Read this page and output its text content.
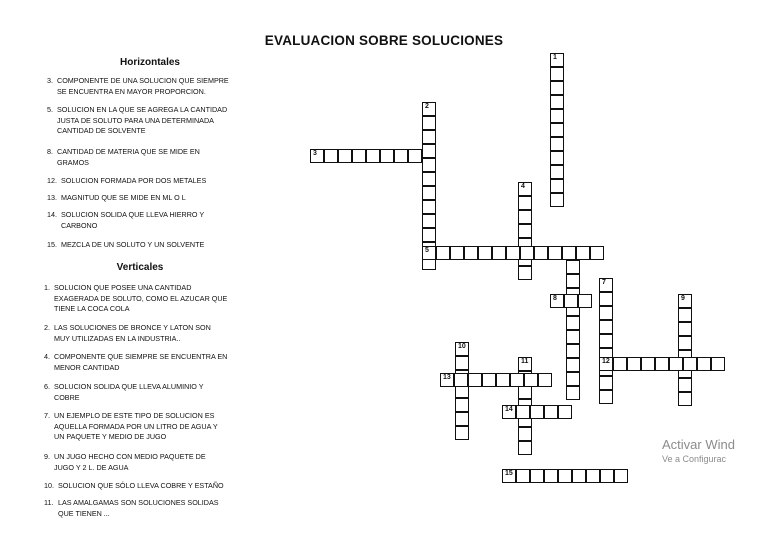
EVALUACION SOBRE SOLUCIONES
Horizontales
3. COMPONENTE DE UNA SOLUCION QUE SIEMPRE SE ENCUENTRA EN MAYOR PROPORCION.
5. SOLUCION EN LA QUE SE AGREGA LA CANTIDAD JUSTA DE SOLUTO PARA UNA DETERMINADA CANTIDAD DE SOLVENTE
8. CANTIDAD DE MATERIA QUE SE MIDE EN GRAMOS
12. SOLUCION FORMADA POR DOS METALES
13. MAGNITUD QUE SE MIDE EN ML O L
14. SOLUCION SOLIDA QUE LLEVA HIERRO Y CARBONO
15. MEZCLA DE UN SOLUTO Y UN SOLVENTE
Verticales
1. SOLUCION QUE POSEE UNA CANTIDAD EXAGERADA DE SOLUTO, COMO EL AZUCAR QUE TIENE LA COCA COLA
2. LAS SOLUCIONES DE BRONCE Y LATON SON MUY UTILIZADAS EN LA INDUSTRIA..
4. COMPONENTE QUE SIEMPRE SE ENCUENTRA EN MENOR CANTIDAD
6. SOLUCION SOLIDA QUE LLEVA ALUMINIO Y COBRE
7. UN EJEMPLO DE ESTE TIPO DE SOLUCION ES AQUELLA FORMADA POR UN LITRO DE AGUA Y UN PAQUETE Y MEDIO DE JUGO
9. UN JUGO HECHO CON MEDIO PAQUETE DE JUGO Y 2 L. DE AGUA
10. SOLUCION QUE SÓLO LLEVA COBRE Y ESTAÑO
11. LAS AMALGAMAS SON SOLUCIONES SOLIDAS QUE TIENEN ...
1
2
4
7
9
10
11
3
5
8
12
13
14
15
Activar Wind
Ve a Configurac
